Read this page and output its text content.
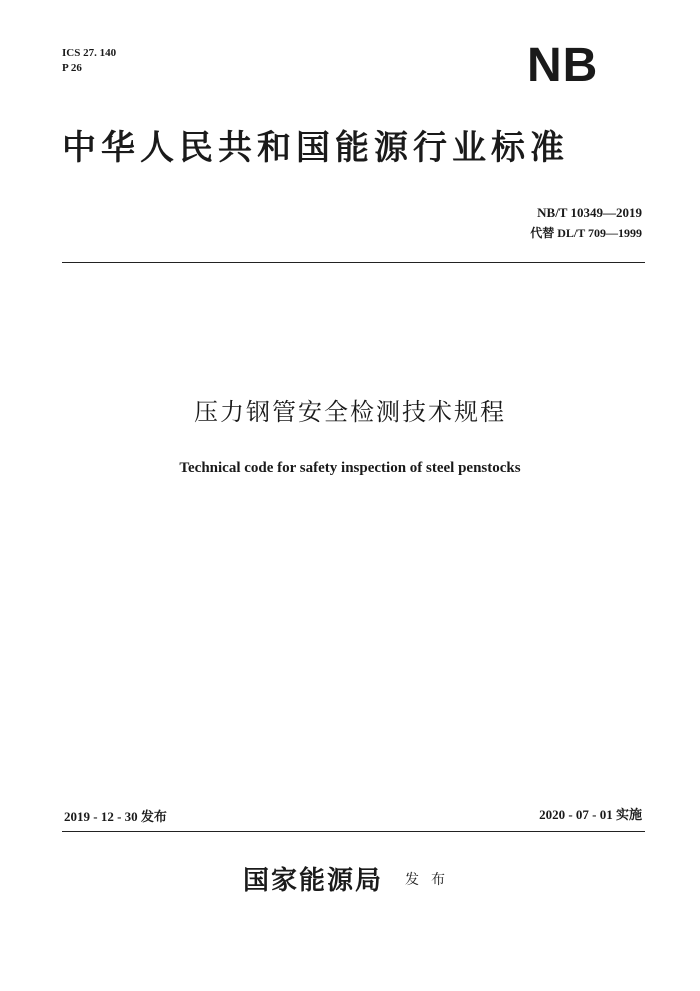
ICS 27. 140
P 26	NB
中华人民共和国能源行业标准
NB/T 10349—2019
代替 DL/T 709—1999
压力钢管安全检测技术规程
Technical code for safety inspection of steel penstocks
2019 - 12 - 30 发布	2020 - 07 - 01 实施
国家能源局 发布
